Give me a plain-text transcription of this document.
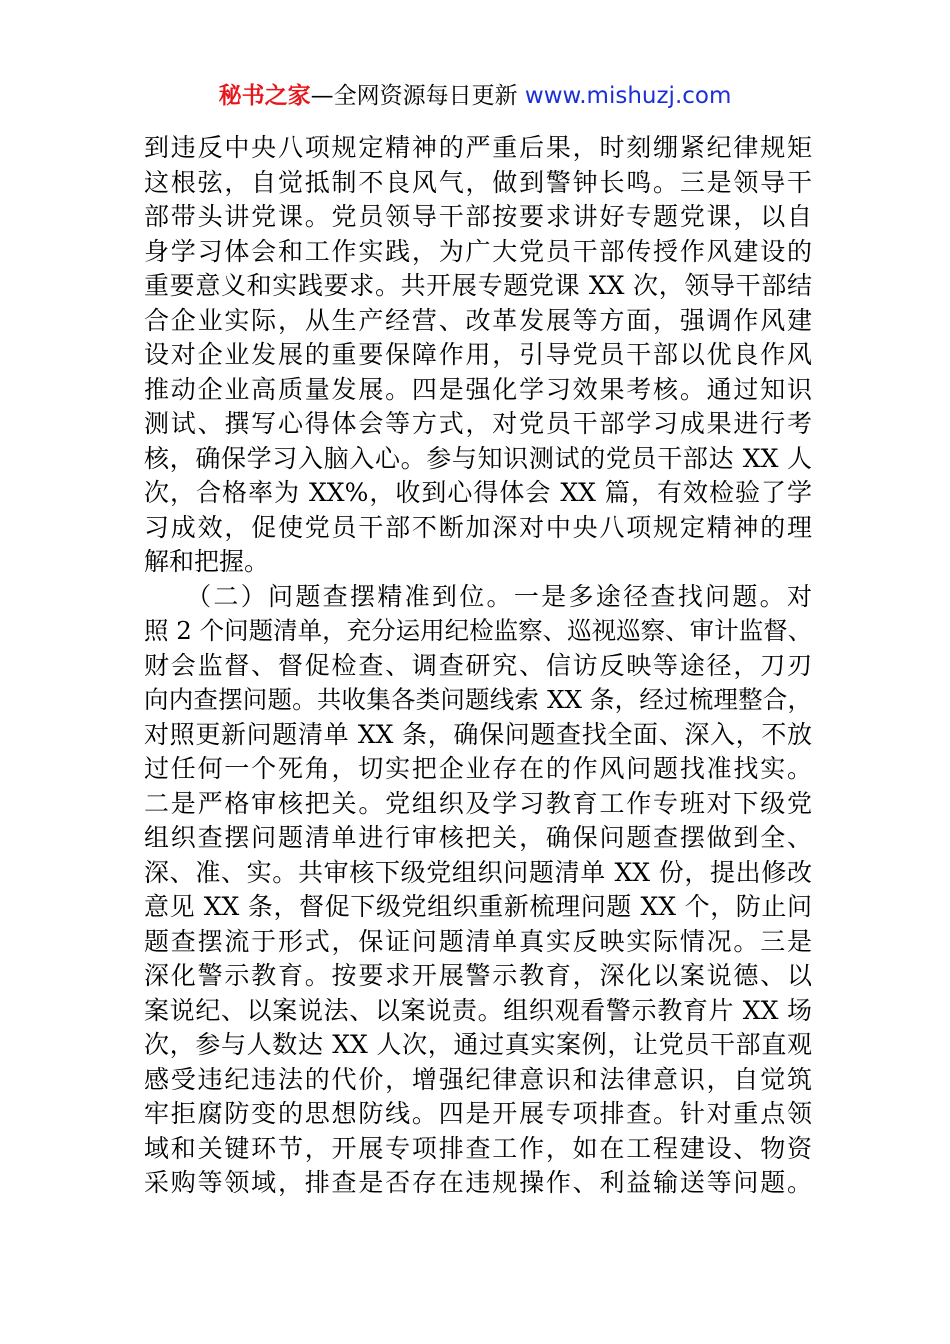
秘书之家—全网资源每日更新 www.mishuzj.com
到违反中央八项规定精神的严重后果，时刻绷紧纪律规矩
这根弦，自觉抵制不良风气，做到警钟长鸣。三是领导干
部带头讲党课。党员领导干部按要求讲好专题党课，以自
身学习体会和工作实践，为广大党员干部传授作风建设的
重要意义和实践要求。共开展专题党课 XX 次，领导干部结
合企业实际，从生产经营、改革发展等方面，强调作风建
设对企业发展的重要保障作用，引导党员干部以优良作风
推动企业高质量发展。四是强化学习效果考核。通过知识
测试、撰写心得体会等方式，对党员干部学习成果进行考
核，确保学习入脑入心。参与知识测试的党员干部达 XX 人
次，合格率为 XX%，收到心得体会 XX 篇，有效检验了学
习成效，促使党员干部不断加深对中央八项规定精神的理
解和把握。
　　（二）问题查摆精准到位。一是多途径查找问题。对
照 2 个问题清单，充分运用纪检监察、巡视巡察、审计监督、
财会监督、督促检查、调查研究、信访反映等途径，刀刃
向内查摆问题。共收集各类问题线索 XX 条，经过梳理整合，
对照更新问题清单 XX 条，确保问题查找全面、深入，不放
过任何一个死角，切实把企业存在的作风问题找准找实。
二是严格审核把关。党组织及学习教育工作专班对下级党
组织查摆问题清单进行审核把关，确保问题查摆做到全、
深、准、实。共审核下级党组织问题清单 XX 份，提出修改
意见 XX 条，督促下级党组织重新梳理问题 XX 个，防止问
题查摆流于形式，保证问题清单真实反映实际情况。三是
深化警示教育。按要求开展警示教育，深化以案说德、以
案说纪、以案说法、以案说责。组织观看警示教育片 XX 场
次，参与人数达 XX 人次，通过真实案例，让党员干部直观
感受违纪违法的代价，增强纪律意识和法律意识，自觉筑
牢拒腐防变的思想防线。四是开展专项排查。针对重点领
域和关键环节，开展专项排查工作，如在工程建设、物资
采购等领域，排查是否存在违规操作、利益输送等问题。
